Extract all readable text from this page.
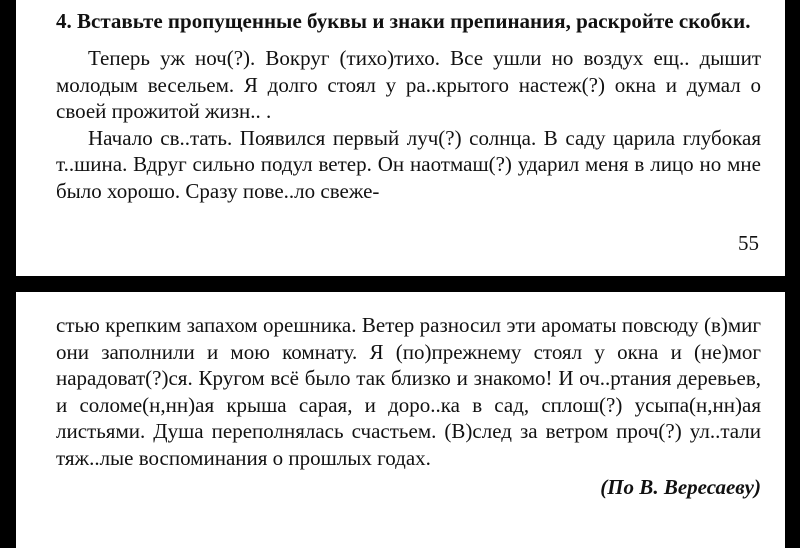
4. Вставьте пропущенные буквы и знаки препинания, раскройте скобки.

Теперь уж ноч(?). Вокруг (тихо)тихо. Все ушли но воздух ещ.. дышит молодым весельем. Я долго стоял у ра..крытого настеж(?) окна и думал о своей прожитой жизн.. .

Начало св..тать. Появился первый луч(?) солнца. В саду царила глубокая т..шина. Вдруг сильно подул ветер. Он наотмаш(?) ударил меня в лицо но мне было хорошо. Сразу пове..ло свеже-

55

стью крепким запахом орешника. Ветер разносил эти ароматы повсюду (в)миг они заполнили и мою комнату. Я (по)прежнему стоял у окна и (не)мог нарадоват(?)ся. Кругом всё было так близко и знакомо! И оч..ртания деревьев, и соломе(н,нн)ая крыша сарая, и доро..ка в сад, сплош(?) усыпа(н,нн)ая листьями. Душа переполнялась счастьем. (В)след за ветром проч(?) ул..тали тяж..лые воспоминания о прошлых годах.

(По В. Вересаеву)
